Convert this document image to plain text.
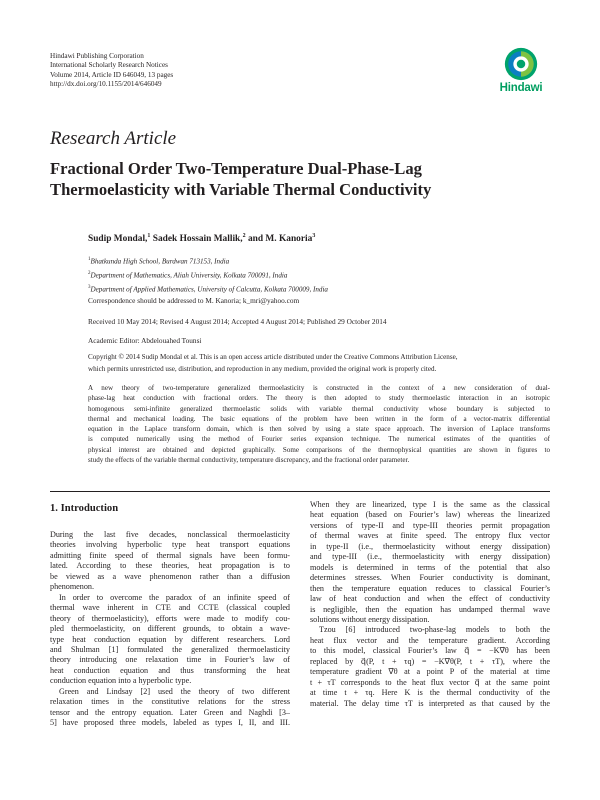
Hindawi Publishing Corporation
International Scholarly Research Notices
Volume 2014, Article ID 646049, 13 pages
http://dx.doi.org/10.1155/2014/646049	Hindawi
Research Article
Fractional Order Two-Temperature Dual-Phase-Lag
Thermoelasticity with Variable Thermal Conductivity
Sudip Mondal,$^1$ Sadek Hossain Mallik,$^2$ and M. Kanoria$^3$
$^1$Bhatkunda High School, Burdwan 713153, India
$^2$Department of Mathematics, Aliah University, Kolkata 700091, India
$^3$Department of Applied Mathematics, University of Calcutta, Kolkata 700009, India
Correspondence should be addressed to M. Kanoria; k_mri@yahoo.com
Received 10 May 2014; Revised 4 August 2014; Accepted 4 August 2014; Published 29 October 2014
Academic Editor: Abdelouahed Tounsi
Copyright © 2014 Sudip Mondal et al. This is an open access article distributed under the Creative Commons Attribution License,
which permits unrestricted use, distribution, and reproduction in any medium, provided the original work is properly cited.
A new theory of two-temperature generalized thermoelasticity is constructed in the context of a new consideration of dual-
phase-lag heat conduction with fractional orders. The theory is then adopted to study thermoelastic interaction in an isotropic
homogenous semi-infinite generalized thermoelastic solids with variable thermal conductivity whose boundary is subjected to
thermal and mechanical loading. The basic equations of the problem have been written in the form of a vector-matrix differential
equation in the Laplace transform domain, which is then solved by using a state space approach. The inversion of Laplace transforms
is computed numerically using the method of Fourier series expansion technique. The numerical estimates of the quantities of
physical interest are obtained and depicted graphically. Some comparisons of the thermophysical quantities are shown in figures to
study the effects of the variable thermal conductivity, temperature discrepancy, and the fractional order parameter.
1. Introduction
During the last five decades, nonclassical thermoelasticity
theories involving hyperbolic type heat transport equations
admitting finite speed of thermal signals have been formu-
lated. According to these theories, heat propagation is to
be viewed as a wave phenomenon rather than a diffusion
phenomenon.
In order to overcome the paradox of an infinite speed of
thermal wave inherent in CTE and CCTE (classical coupled
theory of thermoelasticity), efforts were made to modify cou-
pled thermoelasticity, on different grounds, to obtain a wave-
type heat conduction equation by different researchers. Lord
and Shulman [1] formulated the generalized thermoelasticity
theory introducing one relaxation time in Fourier’s law of
heat conduction equation and thus transforming the heat
conduction equation into a hyperbolic type.
Green and Lindsay [2] used the theory of two different
relaxation times in the constitutive relations for the stress
tensor and the entropy equation. Later Green and Naghdi [3–
5] have proposed three models, labeled as types I, II, and III.
When they are linearized, type I is the same as the classical
heat equation (based on Fourier’s law) whereas the linearized
versions of type-II and type-III theories permit propagation
of thermal waves at finite speed. The entropy flux vector
in type-II (i.e., thermoelasticity without energy dissipation)
and type-III (i.e., thermoelasticity with energy dissipation)
models is determined in terms of the potential that also
determines stresses. When Fourier conductivity is dominant,
then the temperature equation reduces to classical Fourier’s
law of heat conduction and when the effect of conductivity
is negligible, then the equation has undamped thermal wave
solutions without energy dissipation.
Tzou [6] introduced two-phase-lag models to both the
heat flux vector and the temperature gradient. According
to this model, classical Fourier’s law q⃗ = −K∇⃗θ has been
replaced by q⃗(P, t + τq) = −K∇⃗θ(P, t + τT), where the
temperature gradient ∇⃗θ at a point P of the material at time
t + τT corresponds to the heat flux vector q⃗ at the same point
at time t + τq. Here K is the thermal conductivity of the
material. The delay time τT is interpreted as that caused by the
